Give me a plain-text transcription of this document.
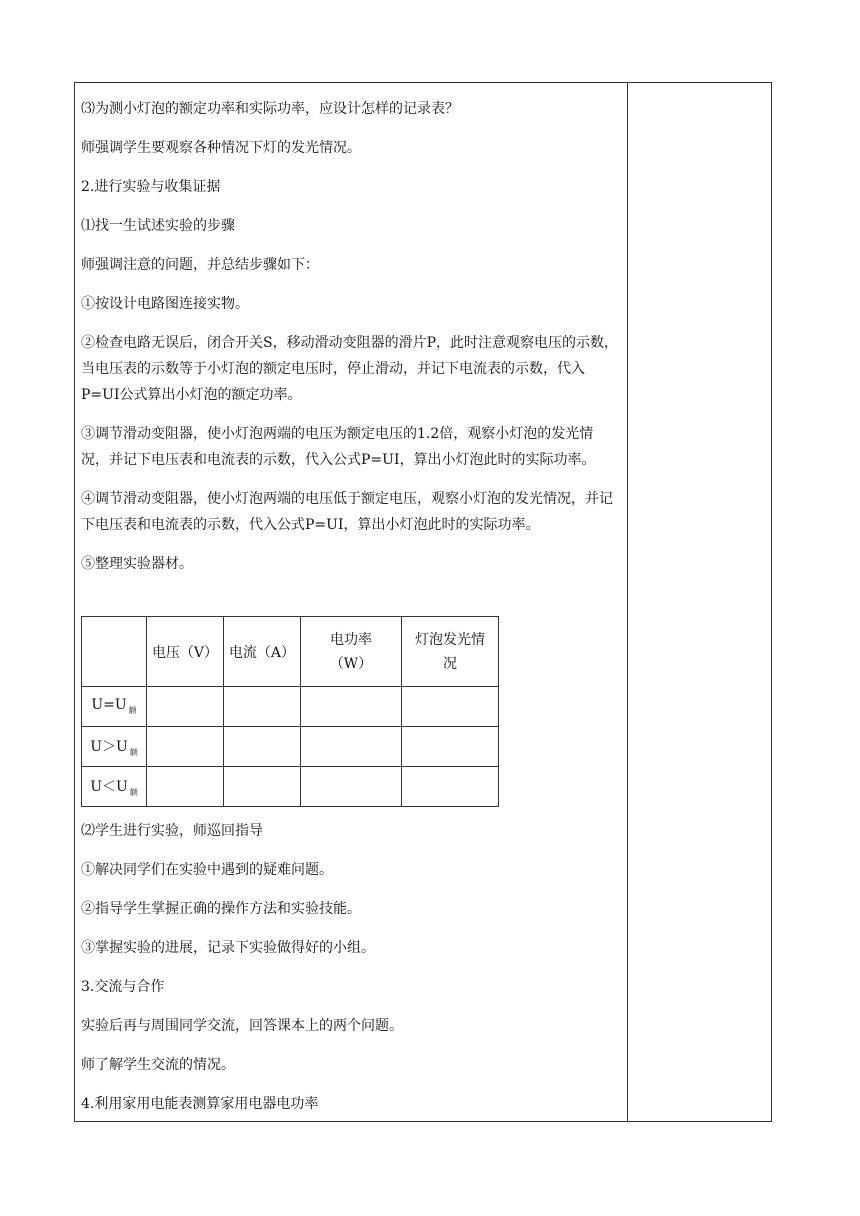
⑶为测小灯泡的额定功率和实际功率，应设计怎样的记录表？

师强调学生要观察各种情况下灯的发光情况。

2.进行实验与收集证据

⑴找一生试述实验的步骤

师强调注意的问题，并总结步骤如下：

①按设计电路图连接实物。

②检查电路无误后，闭合开关S，移动滑动变阻器的滑片P，此时注意观察电压的示数，当电压表的示数等于小灯泡的额定电压时，停止滑动，并记下电流表的示数，代入P=UI公式算出小灯泡的额定功率。

③调节滑动变阻器，使小灯泡两端的电压为额定电压的1.2倍，观察小灯泡的发光情况，并记下电压表和电流表的示数，代入公式P=UI，算出小灯泡此时的实际功率。

④调节滑动变阻器，使小灯泡两端的电压低于额定电压，观察小灯泡的发光情况，并记下电压表和电流表的示数，代入公式P=UI，算出小灯泡此时的实际功率。

⑤整理实验器材。

	电压（V）	电流（A）	电功率（W）	灯泡发光情况
U=U $_额$				
U＞U $_额$				
U＜U $_额$				

⑵学生进行实验，师巡回指导

①解决同学们在实验中遇到的疑难问题。

②指导学生掌握正确的操作方法和实验技能。

③掌握实验的进展，记录下实验做得好的小组。

3.交流与合作

实验后再与周围同学交流，回答课本上的两个问题。

师了解学生交流的情况。

4.利用家用电能表测算家用电器电功率
